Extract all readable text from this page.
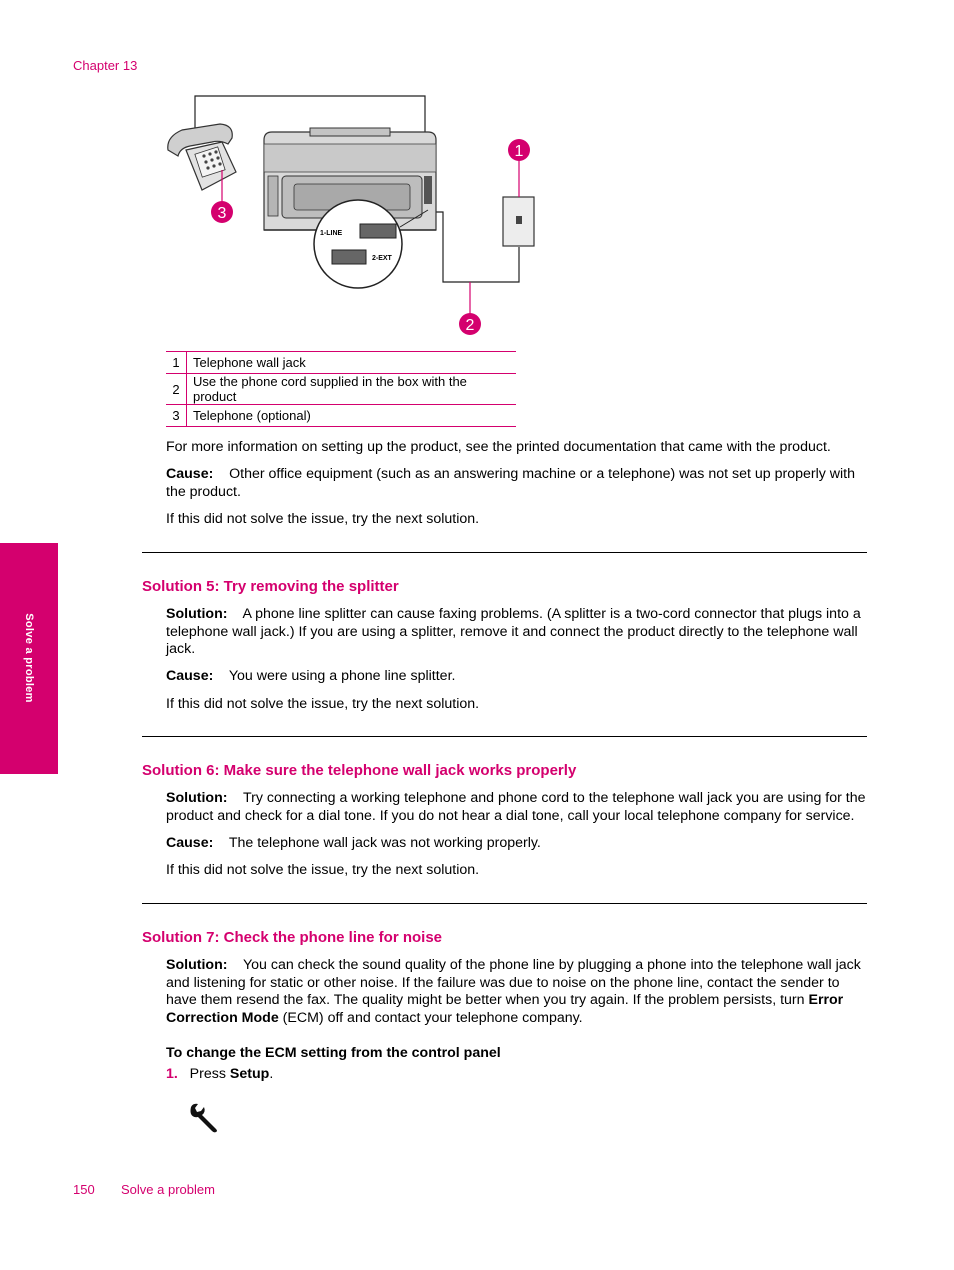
Chapter 13
Solve a problem
1-LINE
2-EXT
1
3
2
1	Telephone wall jack
2	Use the phone cord supplied in the box with the product
3	Telephone (optional)
For more information on setting up the product, see the printed documentation that came with the product.
Cause: Other office equipment (such as an answering machine or a telephone) was not set up properly with the product.
If this did not solve the issue, try the next solution.
Solution 5: Try removing the splitter
Solution: A phone line splitter can cause faxing problems. (A splitter is a two-cord connector that plugs into a telephone wall jack.) If you are using a splitter, remove it and connect the product directly to the telephone wall jack.
Cause: You were using a phone line splitter.
If this did not solve the issue, try the next solution.
Solution 6: Make sure the telephone wall jack works properly
Solution: Try connecting a working telephone and phone cord to the telephone wall jack you are using for the product and check for a dial tone. If you do not hear a dial tone, call your local telephone company for service.
Cause: The telephone wall jack was not working properly.
If this did not solve the issue, try the next solution.
Solution 7: Check the phone line for noise
Solution: You can check the sound quality of the phone line by plugging a phone into the telephone wall jack and listening for static or other noise. If the failure was due to noise on the phone line, contact the sender to have them resend the fax. The quality might be better when you try again. If the problem persists, turn Error Correction Mode (ECM) off and contact your telephone company.
To change the ECM setting from the control panel
1. Press Setup.
150 Solve a problem
